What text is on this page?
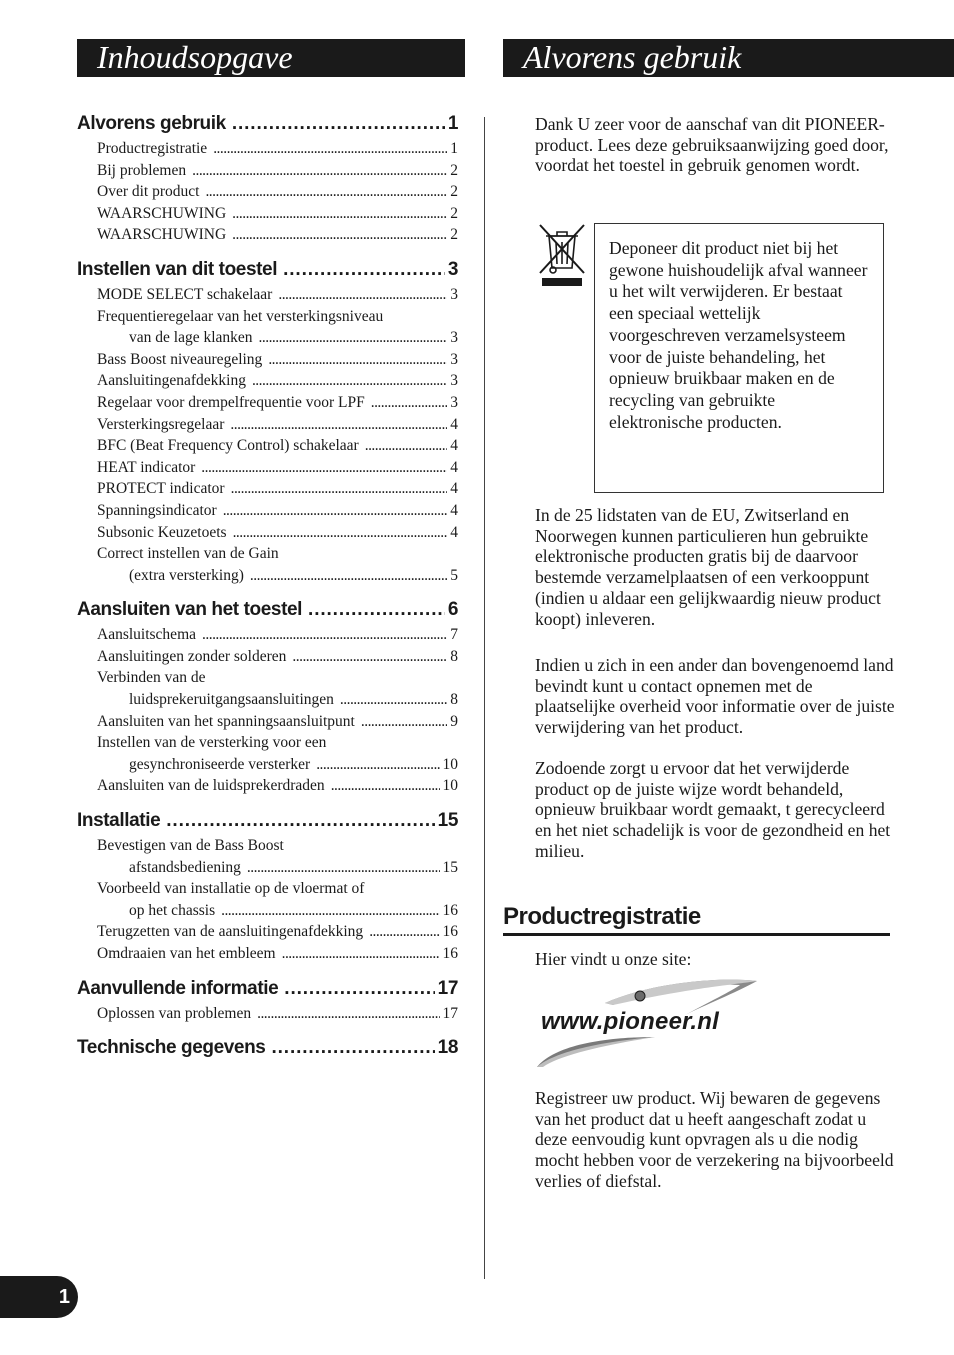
Inhoudsopgave	Alvorens gebruik
Alvorens gebruik . . .	1
Productregistratie . . .	1
Bij problemen . . .	2
Over dit product . . .	2
WAARSCHUWING . . .	2
WAARSCHUWING . . .	2
Instellen van dit toestel . . .	3
MODE SELECT schakelaar . . .	3
Frequentieregelaar van het versterkingsniveau
van de lage klanken . . .	3
Bass Boost niveauregeling . . .	3
Aansluitingenafdekking . . .	3
Regelaar voor drempelfrequentie voor LPF . . .	3
Versterkingsregelaar . . .	4
BFC (Beat Frequency Control) schakelaar . . .	4
HEAT indicator . . .	4
PROTECT indicator . . .	4
Spanningsindicator . . .	4
Subsonic Keuzetoets . . .	4
Correct instellen van de Gain
(extra versterking) . . .	5
Aansluiten van het toestel . . .	6
Aansluitschema . . .	7
Aansluitingen zonder solderen . . .	8
Verbinden van de
luidsprekeruitgangsaansluitingen . . .	8
Aansluiten van het spanningsaansluitpunt . . .	9
Instellen van de versterking voor een
gesynchroniseerde versterker . . .	10
Aansluiten van de luidsprekerdraden . . .	10
Installatie . . .	15
Bevestigen van de Bass Boost
afstandsbediening . . .	15
Voorbeeld van installatie op de vloermat of
op het chassis . . .	16
Terugzetten van de aansluitingenafdekking . . .	16
Omdraaien van het embleem . . .	16
Aanvullende informatie . . .	17
Oplossen van problemen . . .	17
Technische gegevens . . .	18

Dank U zeer voor de aanschaf van dit PIONEER-product. Lees deze gebruiksaanwijzing goed door, voordat het toestel in gebruik genomen wordt.

Deponeer dit product niet bij het gewone huishoudelijk afval wanneer u het wilt verwijderen. Er bestaat een speciaal wettelijk voorgeschreven verzamelsysteem voor de juiste behandeling, het opnieuw bruikbaar maken en de recycling van gebruikte elektronische producten.

In de 25 lidstaten van de EU, Zwitserland en Noorwegen kunnen particulieren hun gebruikte elektronische producten gratis bij de daarvoor bestemde verzamelplaatsen of een verkooppunt (indien u aldaar een gelijkwaardig nieuw product koopt) inleveren.

Indien u zich in een ander dan bovengenoemd land bevindt kunt u contact opnemen met de plaatselijke overheid voor informatie over de juiste verwijdering van het product.

Zodoende zorgt u ervoor dat het verwijderde product op de juiste wijze wordt behandeld, opnieuw bruikbaar wordt gemaakt, t gerecycleerd en het niet schadelijk is voor de gezondheid en het milieu.

Productregistratie

Hier vindt u onze site:

www.pioneer.nl

Registreer uw product. Wij bewaren de gegevens van het product dat u heeft aangeschaft zodat u deze eenvoudig kunt opvragen als u die nodig mocht hebben voor de verzekering na bijvoorbeeld verlies of diefstal.

1
